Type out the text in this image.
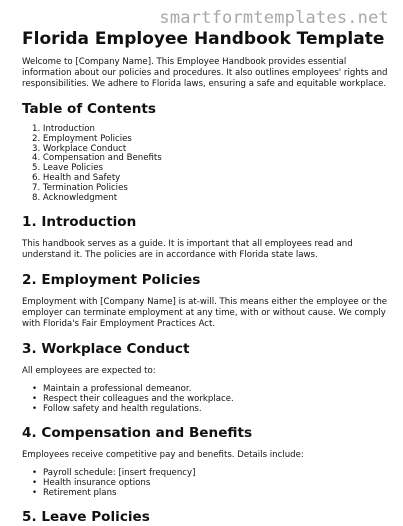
smartformtemplates.net
Florida Employee Handbook Template

Welcome to [Company Name]. This Employee Handbook provides essential information about our policies and procedures. It also outlines employees' rights and responsibilities. We adhere to Florida laws, ensuring a safe and equitable workplace.

Table of Contents
1. Introduction
2. Employment Policies
3. Workplace Conduct
4. Compensation and Benefits
5. Leave Policies
6. Health and Safety
7. Termination Policies
8. Acknowledgment
1. Introduction

This handbook serves as a guide. It is important that all employees read and understand it. The policies are in accordance with Florida state laws.

2. Employment Policies

Employment with [Company Name] is at-will. This means either the employee or the employer can terminate employment at any time, with or without cause. We comply with Florida's Fair Employment Practices Act.

3. Workplace Conduct

All employees are expected to:

• Maintain a professional demeanor.
• Respect their colleagues and the workplace.
• Follow safety and health regulations.
4. Compensation and Benefits

Employees receive competitive pay and benefits. Details include:

• Payroll schedule: [insert frequency]
• Health insurance options
• Retirement plans
5. Leave Policies
